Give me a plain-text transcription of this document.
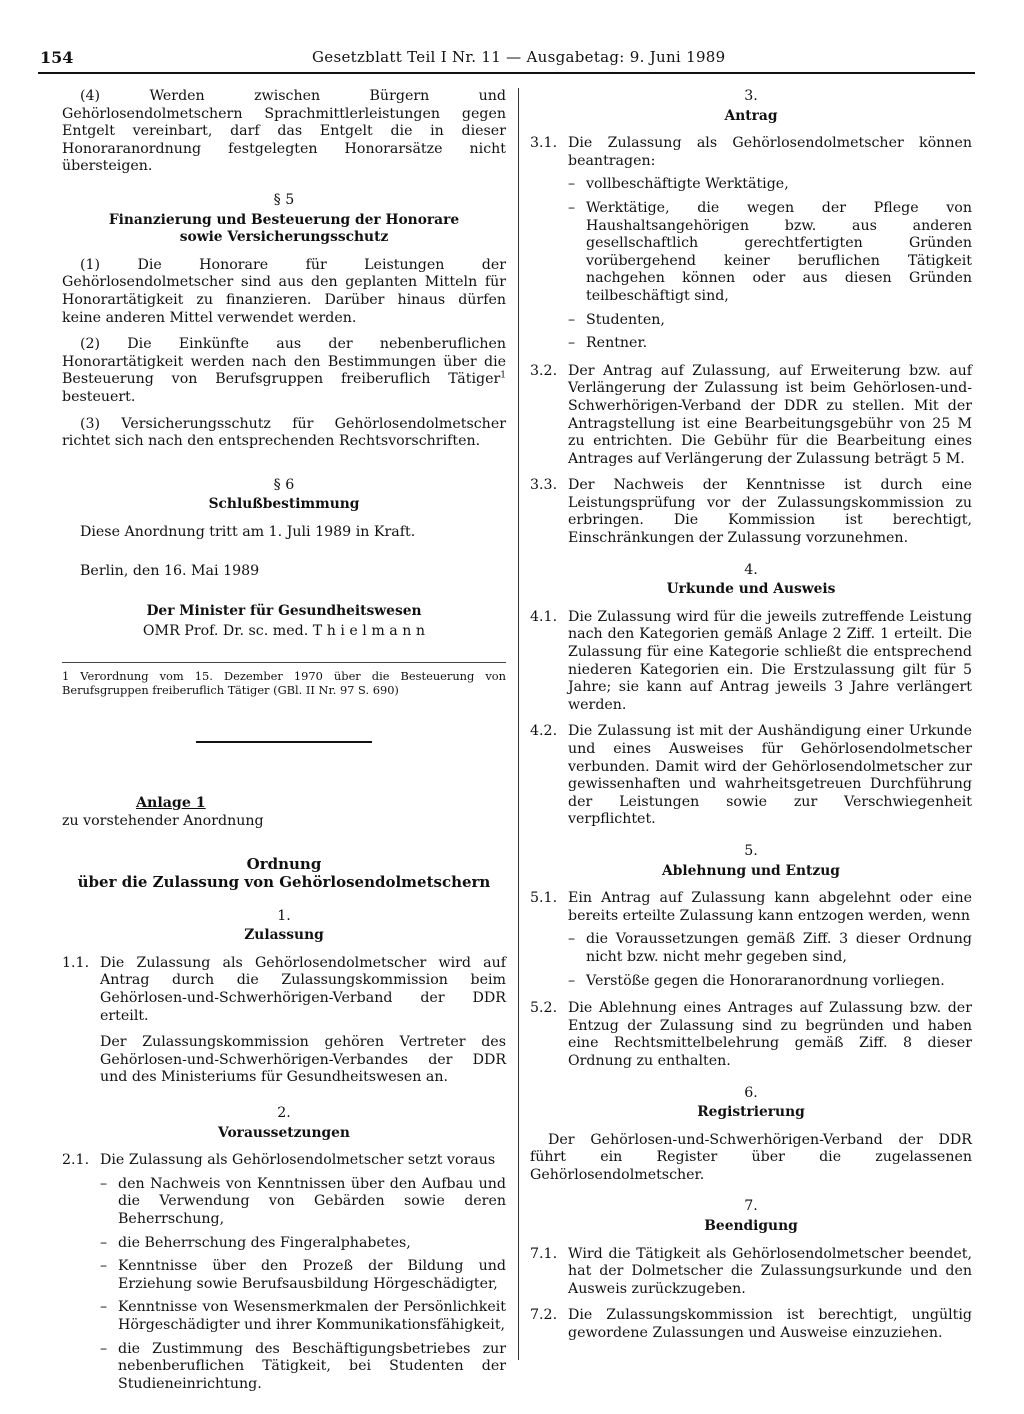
154	Gesetzblatt Teil I Nr. 11 — Ausgabetag: 9. Juni 1989

(4) Werden zwischen Bürgern und Gehörlosendolmetschern Sprachmittlerleistungen gegen Entgelt vereinbart, darf das Entgelt die in dieser Honoraranordnung festgelegten Honorarsätze nicht übersteigen.

§ 5

Finanzierung und Besteuerung der Honorare

sowie Versicherungsschutz

(1) Die Honorare für Leistungen der Gehörlosendolmetscher sind aus den geplanten Mitteln für Honorartätigkeit zu finanzieren. Darüber hinaus dürfen keine anderen Mittel verwendet werden.

(2) Die Einkünfte aus der nebenberuflichen Honorartätigkeit werden nach den Bestimmungen über die Besteuerung von Berufsgruppen freiberuflich Tätiger$^1$ besteuert.

(3) Versicherungsschutz für Gehörlosendolmetscher richtet sich nach den entsprechenden Rechtsvorschriften.

§ 6

Schlußbestimmung

Diese Anordnung tritt am 1. Juli 1989 in Kraft.

Berlin, den 16. Mai 1989

Der Minister für Gesundheitswesen

OMR Prof. Dr. sc. med. T h i e l m a n n

1 Verordnung vom 15. Dezember 1970 über die Besteuerung von Berufsgruppen freiberuflich Tätiger (GBl. II Nr. 97 S. 690)

Anlage 1

zu vorstehender Anordnung

Ordnung

über die Zulassung von Gehörlosendolmetschern

1.

Zulassung

1.1. Die Zulassung als Gehörlosendolmetscher wird auf Antrag durch die Zulassungskommission beim Gehörlosen-und-Schwerhörigen-Verband der DDR erteilt.

Der Zulassungskommission gehören Vertreter des Gehörlosen-und-Schwerhörigen-Verbandes der DDR und des Ministeriums für Gesundheitswesen an.

2.

Voraussetzungen

2.1. Die Zulassung als Gehörlosendolmetscher setzt voraus
– den Nachweis von Kenntnissen über den Aufbau und die Verwendung von Gebärden sowie deren Beherrschung,
– die Beherrschung des Fingeralphabetes,
– Kenntnisse über den Prozeß der Bildung und Erziehung sowie Berufsausbildung Hörgeschädigter,
– Kenntnisse von Wesensmerkmalen der Persönlichkeit Hörgeschädigter und ihrer Kommunikationsfähigkeit,
– die Zustimmung des Beschäftigungsbetriebes zur nebenberuflichen Tätigkeit, bei Studenten der Studieneinrichtung.

3.

Antrag

3.1. Die Zulassung als Gehörlosendolmetscher können beantragen:
– vollbeschäftigte Werktätige,
– Werktätige, die wegen der Pflege von Haushaltsangehörigen bzw. aus anderen gesellschaftlich gerechtfertigten Gründen vorübergehend keiner beruflichen Tätigkeit nachgehen können oder aus diesen Gründen teilbeschäftigt sind,
– Studenten,
– Rentner.
3.2. Der Antrag auf Zulassung, auf Erweiterung bzw. auf Verlängerung der Zulassung ist beim Gehörlosen-und-Schwerhörigen-Verband der DDR zu stellen. Mit der Antragstellung ist eine Bearbeitungsgebühr von 25 M zu entrichten. Die Gebühr für die Bearbeitung eines Antrages auf Verlängerung der Zulassung beträgt 5 M.
3.3. Der Nachweis der Kenntnisse ist durch eine Leistungsprüfung vor der Zulassungskommission zu erbringen. Die Kommission ist berechtigt, Einschränkungen der Zulassung vorzunehmen.

4.

Urkunde und Ausweis

4.1. Die Zulassung wird für die jeweils zutreffende Leistung nach den Kategorien gemäß Anlage 2 Ziff. 1 erteilt. Die Zulassung für eine Kategorie schließt die entsprechend niederen Kategorien ein. Die Erstzulassung gilt für 5 Jahre; sie kann auf Antrag jeweils 3 Jahre verlängert werden.
4.2. Die Zulassung ist mit der Aushändigung einer Urkunde und eines Ausweises für Gehörlosendolmetscher verbunden. Damit wird der Gehörlosendolmetscher zur gewissenhaften und wahrheitsgetreuen Durchführung der Leistungen sowie zur Verschwiegenheit verpflichtet.

5.

Ablehnung und Entzug

5.1. Ein Antrag auf Zulassung kann abgelehnt oder eine bereits erteilte Zulassung kann entzogen werden, wenn
– die Voraussetzungen gemäß Ziff. 3 dieser Ordnung nicht bzw. nicht mehr gegeben sind,
– Verstöße gegen die Honoraranordnung vorliegen.
5.2. Die Ablehnung eines Antrages auf Zulassung bzw. der Entzug der Zulassung sind zu begründen und haben eine Rechtsmittelbelehrung gemäß Ziff. 8 dieser Ordnung zu enthalten.

6.

Registrierung

Der Gehörlosen-und-Schwerhörigen-Verband der DDR führt ein Register über die zugelassenen Gehörlosendolmetscher.

7.

Beendigung

7.1. Wird die Tätigkeit als Gehörlosendolmetscher beendet, hat der Dolmetscher die Zulassungsurkunde und den Ausweis zurückzugeben.
7.2. Die Zulassungskommission ist berechtigt, ungültig gewordene Zulassungen und Ausweise einzuziehen.
